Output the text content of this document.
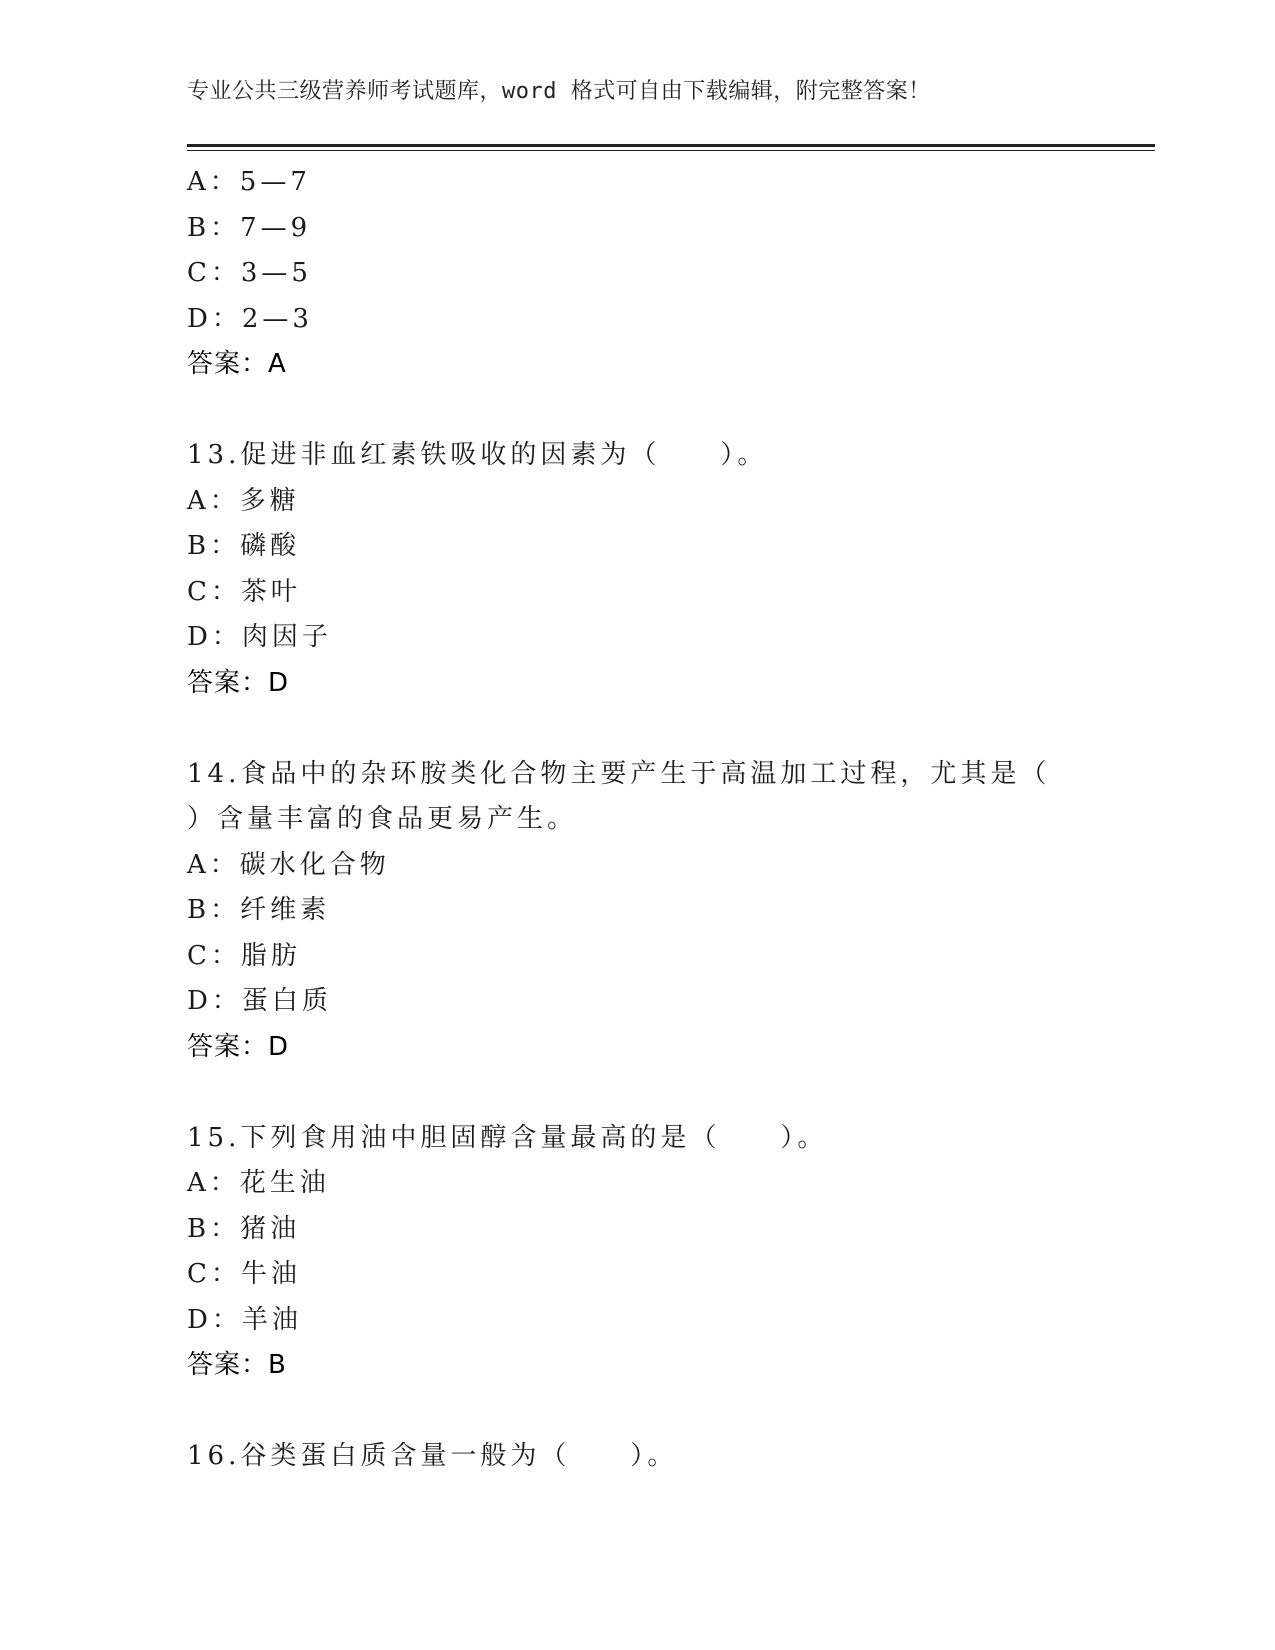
专业公共三级营养师考试题库，word 格式可自由下载编辑，附完整答案！
A：5—7
B：7—9
C：3—5
D：2—3
答案：A
13.促进非血红素铁吸收的因素为（　　）。
A：多糖
B：磷酸
C：茶叶
D：肉因子
答案：D
14.食品中的杂环胺类化合物主要产生于高温加工过程，尤其是（
）含量丰富的食品更易产生。
A：碳水化合物
B：纤维素
C：脂肪
D：蛋白质
答案：D
15.下列食用油中胆固醇含量最高的是（　　）。
A：花生油
B：猪油
C：牛油
D：羊油
答案：B
16.谷类蛋白质含量一般为（　　）。
